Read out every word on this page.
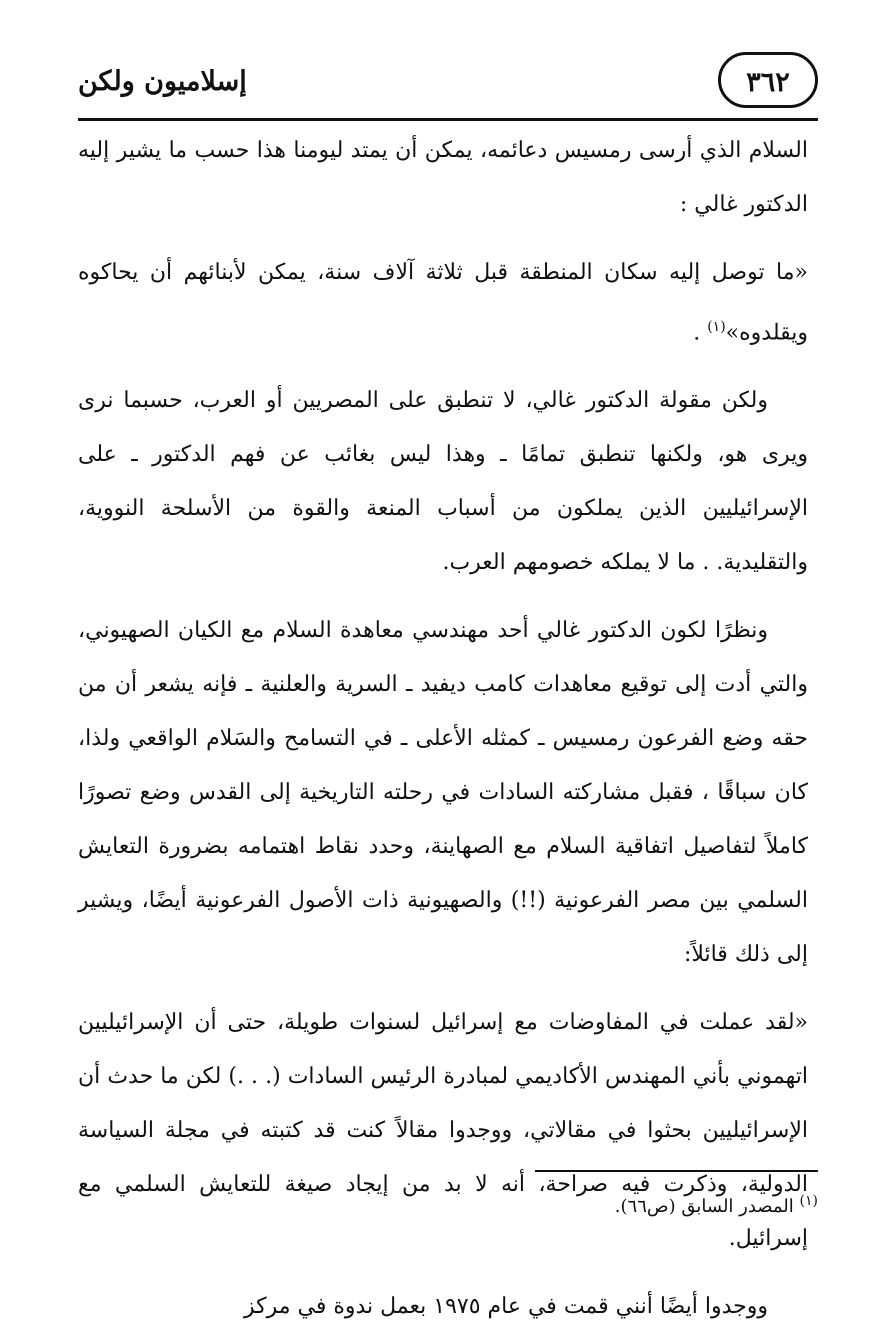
إسلاميون ولكن	٣٦٢

السلام الذي أرسى رمسيس دعائمه، يمكن أن يمتد ليومنا هذا حسب ما يشير إليه الدكتور غالي :

«ما توصل إليه سكان المنطقة قبل ثلاثة آلاف سنة، يمكن لأبنائهم أن يحاكوه ويقلدوه»$^{(١)}$ .

ولكن مقولة الدكتور غالي، لا تنطبق على المصريين أو العرب، حسبما نرى ويرى هو، ولكنها تنطبق تمامًا ـ وهذا ليس بغائب عن فهم الدكتور ـ على الإسرائيليين الذين يملكون من أسباب المنعة والقوة من الأسلحة النووية، والتقليدية. . ما لا يملكه خصومهم العرب.

ونظرًا لكون الدكتور غالي أحد مهندسي معاهدة السلام مع الكيان الصهيوني، والتي أدت إلى توقيع معاهدات كامب ديفيد ـ السرية والعلنية ـ فإنه يشعر أن من حقه وضع الفرعون رمسيس ـ كمثله الأعلى ـ في التسامح والسَلام الواقعي ولذا، كان سباقًا ، فقبل مشاركته السادات في رحلته التاريخية إلى القدس وضع تصورًا كاملاً لتفاصيل اتفاقية السلام مع الصهاينة، وحدد نقاط اهتمامه بضرورة التعايش السلمي بين مصر الفرعونية (!!) والصهيونية ذات الأصول الفرعونية أيضًا، ويشير إلى ذلك قائلاً:

«لقد عملت في المفاوضات مع إسرائيل لسنوات طويلة، حتى أن الإسرائيليين اتهموني بأني المهندس الأكاديمي لمبادرة الرئيس السادات (. . .) لكن ما حدث أن الإسرائيليين بحثوا في مقالاتي، ووجدوا مقالاً كنت قد كتبته في مجلة السياسة الدولية، وذكرت فيه صراحة، أنه لا بد من إيجاد صيغة للتعايش السلمي مع إسرائيل.

ووجدوا أيضًا أنني قمت في عام ١٩٧٥ بعمل ندوة في مركز

$^{(١)}$ المصدر السابق (ص٦٦).
